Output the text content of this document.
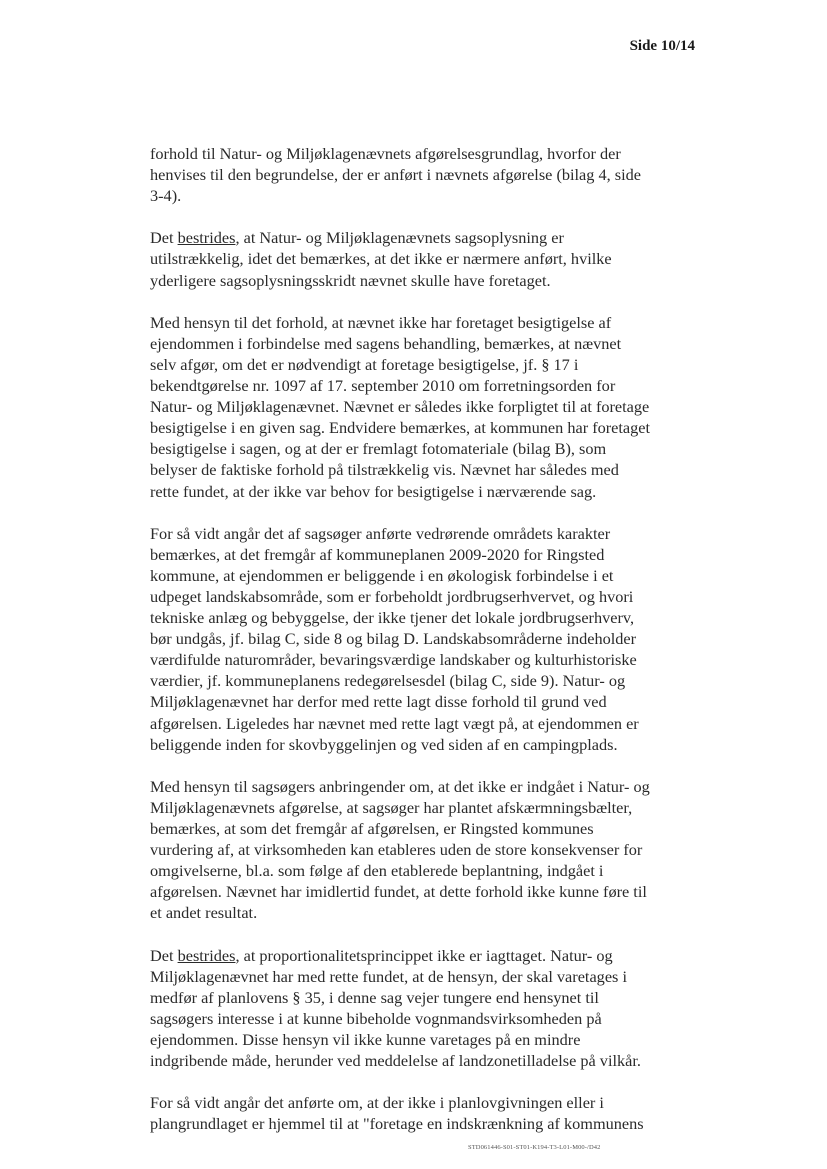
Side 10/14

forhold til Natur- og Miljøklagenævnets afgørelsesgrundlag, hvorfor der
henvises til den begrundelse, der er anført i nævnets afgørelse (bilag 4, side
3-4).

Det bestrides, at Natur- og Miljøklagenævnets sagsoplysning er
utilstrækkelig, idet det bemærkes, at det ikke er nærmere anført, hvilke
yderligere sagsoplysningsskridt nævnet skulle have foretaget.

Med hensyn til det forhold, at nævnet ikke har foretaget besigtigelse af
ejendommen i forbindelse med sagens behandling, bemærkes, at nævnet
selv afgør, om det er nødvendigt at foretage besigtigelse, jf. § 17 i
bekendtgørelse nr. 1097 af 17. september 2010 om forretningsorden for
Natur- og Miljøklagenævnet. Nævnet er således ikke forpligtet til at foretage
besigtigelse i en given sag. Endvidere bemærkes, at kommunen har foretaget
besigtigelse i sagen, og at der er fremlagt fotomateriale (bilag B), som
belyser de faktiske forhold på tilstrækkelig vis. Nævnet har således med
rette fundet, at der ikke var behov for besigtigelse i nærværende sag.

For så vidt angår det af sagsøger anførte vedrørende områdets karakter
bemærkes, at det fremgår af kommuneplanen 2009-2020 for Ringsted
kommune, at ejendommen er beliggende i en økologisk forbindelse i et
udpeget landskabsområde, som er forbeholdt jordbrugserhvervet, og hvori
tekniske anlæg og bebyggelse, der ikke tjener det lokale jordbrugserhverv,
bør undgås, jf. bilag C, side 8 og bilag D. Landskabsområderne indeholder
værdifulde naturområder, bevaringsværdige landskaber og kulturhistoriske
værdier, jf. kommuneplanens redegørelsesdel (bilag C, side 9). Natur- og
Miljøklagenævnet har derfor med rette lagt disse forhold til grund ved
afgørelsen. Ligeledes har nævnet med rette lagt vægt på, at ejendommen er
beliggende inden for skovbyggelinjen og ved siden af en campingplads.

Med hensyn til sagsøgers anbringender om, at det ikke er indgået i Natur- og
Miljøklagenævnets afgørelse, at sagsøger har plantet afskærmningsbælter,
bemærkes, at som det fremgår af afgørelsen, er Ringsted kommunes
vurdering af, at virksomheden kan etableres uden de store konsekvenser for
omgivelserne, bl.a. som følge af den etablerede beplantning, indgået i
afgørelsen. Nævnet har imidlertid fundet, at dette forhold ikke kunne føre til
et andet resultat.

Det bestrides, at proportionalitetsprincippet ikke er iagttaget. Natur- og
Miljøklagenævnet har med rette fundet, at de hensyn, der skal varetages i
medfør af planlovens § 35, i denne sag vejer tungere end hensynet til
sagsøgers interesse i at kunne bibeholde vognmandsvirksomheden på
ejendommen. Disse hensyn vil ikke kunne varetages på en mindre
indgribende måde, herunder ved meddelelse af landzonetilladelse på vilkår.

For så vidt angår det anførte om, at der ikke i planlovgivningen eller i
plangrundlaget er hjemmel til at "foretage en indskrænkning af kommunens

STD061446-S01-ST01-K194-T3-L01-M00-/D42
